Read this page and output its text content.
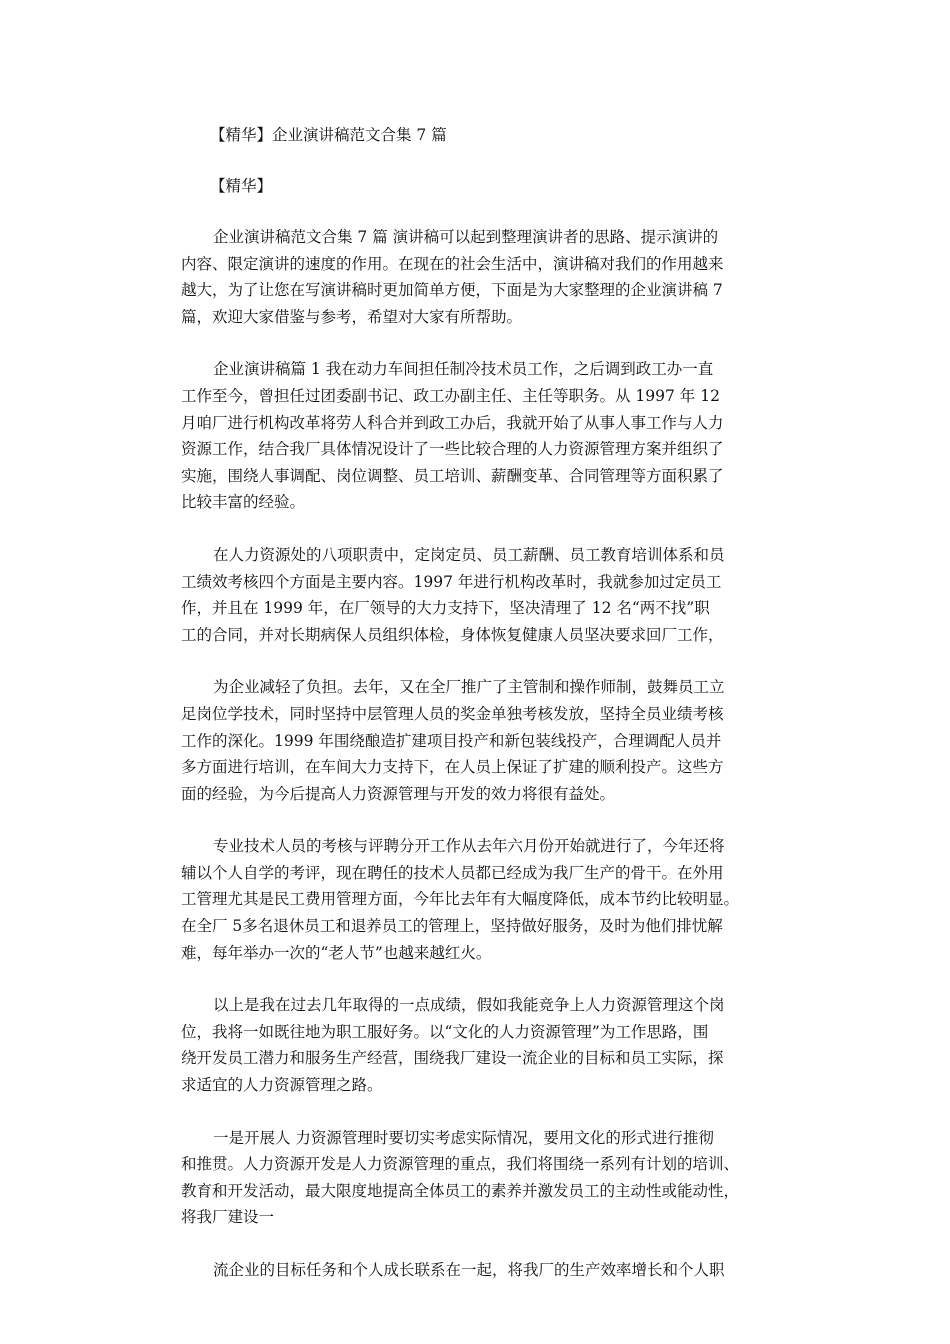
【精华】企业演讲稿范文合集 7 篇
【精华】
企业演讲稿范文合集 7 篇 演讲稿可以起到整理演讲者的思路、提示演讲的
内容、限定演讲的速度的作用。在现在的社会生活中，演讲稿对我们的作用越来
越大，为了让您在写演讲稿时更加简单方便，下面是为大家整理的企业演讲稿 7
篇，欢迎大家借鉴与参考，希望对大家有所帮助。
企业演讲稿篇 1 我在动力车间担任制冷技术员工作，之后调到政工办一直
工作至今，曾担任过团委副书记、政工办副主任、主任等职务。从 1997 年 12
月咱厂进行机构改革将劳人科合并到政工办后，我就开始了从事人事工作与人力
资源工作，结合我厂具体情况设计了一些比较合理的人力资源管理方案并组织了
实施，围绕人事调配、岗位调整、员工培训、薪酬变革、合同管理等方面积累了
比较丰富的经验。
在人力资源处的八项职责中，定岗定员、员工薪酬、员工教育培训体系和员
工绩效考核四个方面是主要内容。1997 年进行机构改革时，我就参加过定员工
作，并且在 1999 年，在厂领导的大力支持下，坚决清理了 12 名“两不找”职
工的合同，并对长期病保人员组织体检，身体恢复健康人员坚决要求回厂工作，
为企业减轻了负担。去年，又在全厂推广了主管制和操作师制，鼓舞员工立
足岗位学技术，同时坚持中层管理人员的奖金单独考核发放，坚持全员业绩考核
工作的深化。1999 年围绕酿造扩建项目投产和新包装线投产，合理调配人员并
多方面进行培训，在车间大力支持下，在人员上保证了扩建的顺利投产。这些方
面的经验，为今后提高人力资源管理与开发的效力将很有益处。
专业技术人员的考核与评聘分开工作从去年六月份开始就进行了，今年还将
辅以个人自学的考评，现在聘任的技术人员都已经成为我厂生产的骨干。在外用
工管理尤其是民工费用管理方面，今年比去年有大幅度降低，成本节约比较明显。
在全厂 5多名退休员工和退养员工的管理上，坚持做好服务，及时为他们排忧解
难，每年举办一次的“老人节”也越来越红火。
以上是我在过去几年取得的一点成绩，假如我能竞争上人力资源管理这个岗
位，我将一如既往地为职工服好务。以“文化的人力资源管理”为工作思路，围
绕开发员工潜力和服务生产经营，围绕我厂建设一流企业的目标和员工实际，探
求适宜的人力资源管理之路。
一是开展人 力资源管理时要切实考虑实际情况，要用文化的形式进行推彻
和推贯。人力资源开发是人力资源管理的重点，我们将围绕一系列有计划的培训、
教育和开发活动，最大限度地提高全体员工的素养并激发员工的主动性或能动性，
将我厂建设一
流企业的目标任务和个人成长联系在一起，将我厂的生产效率增长和个人职
